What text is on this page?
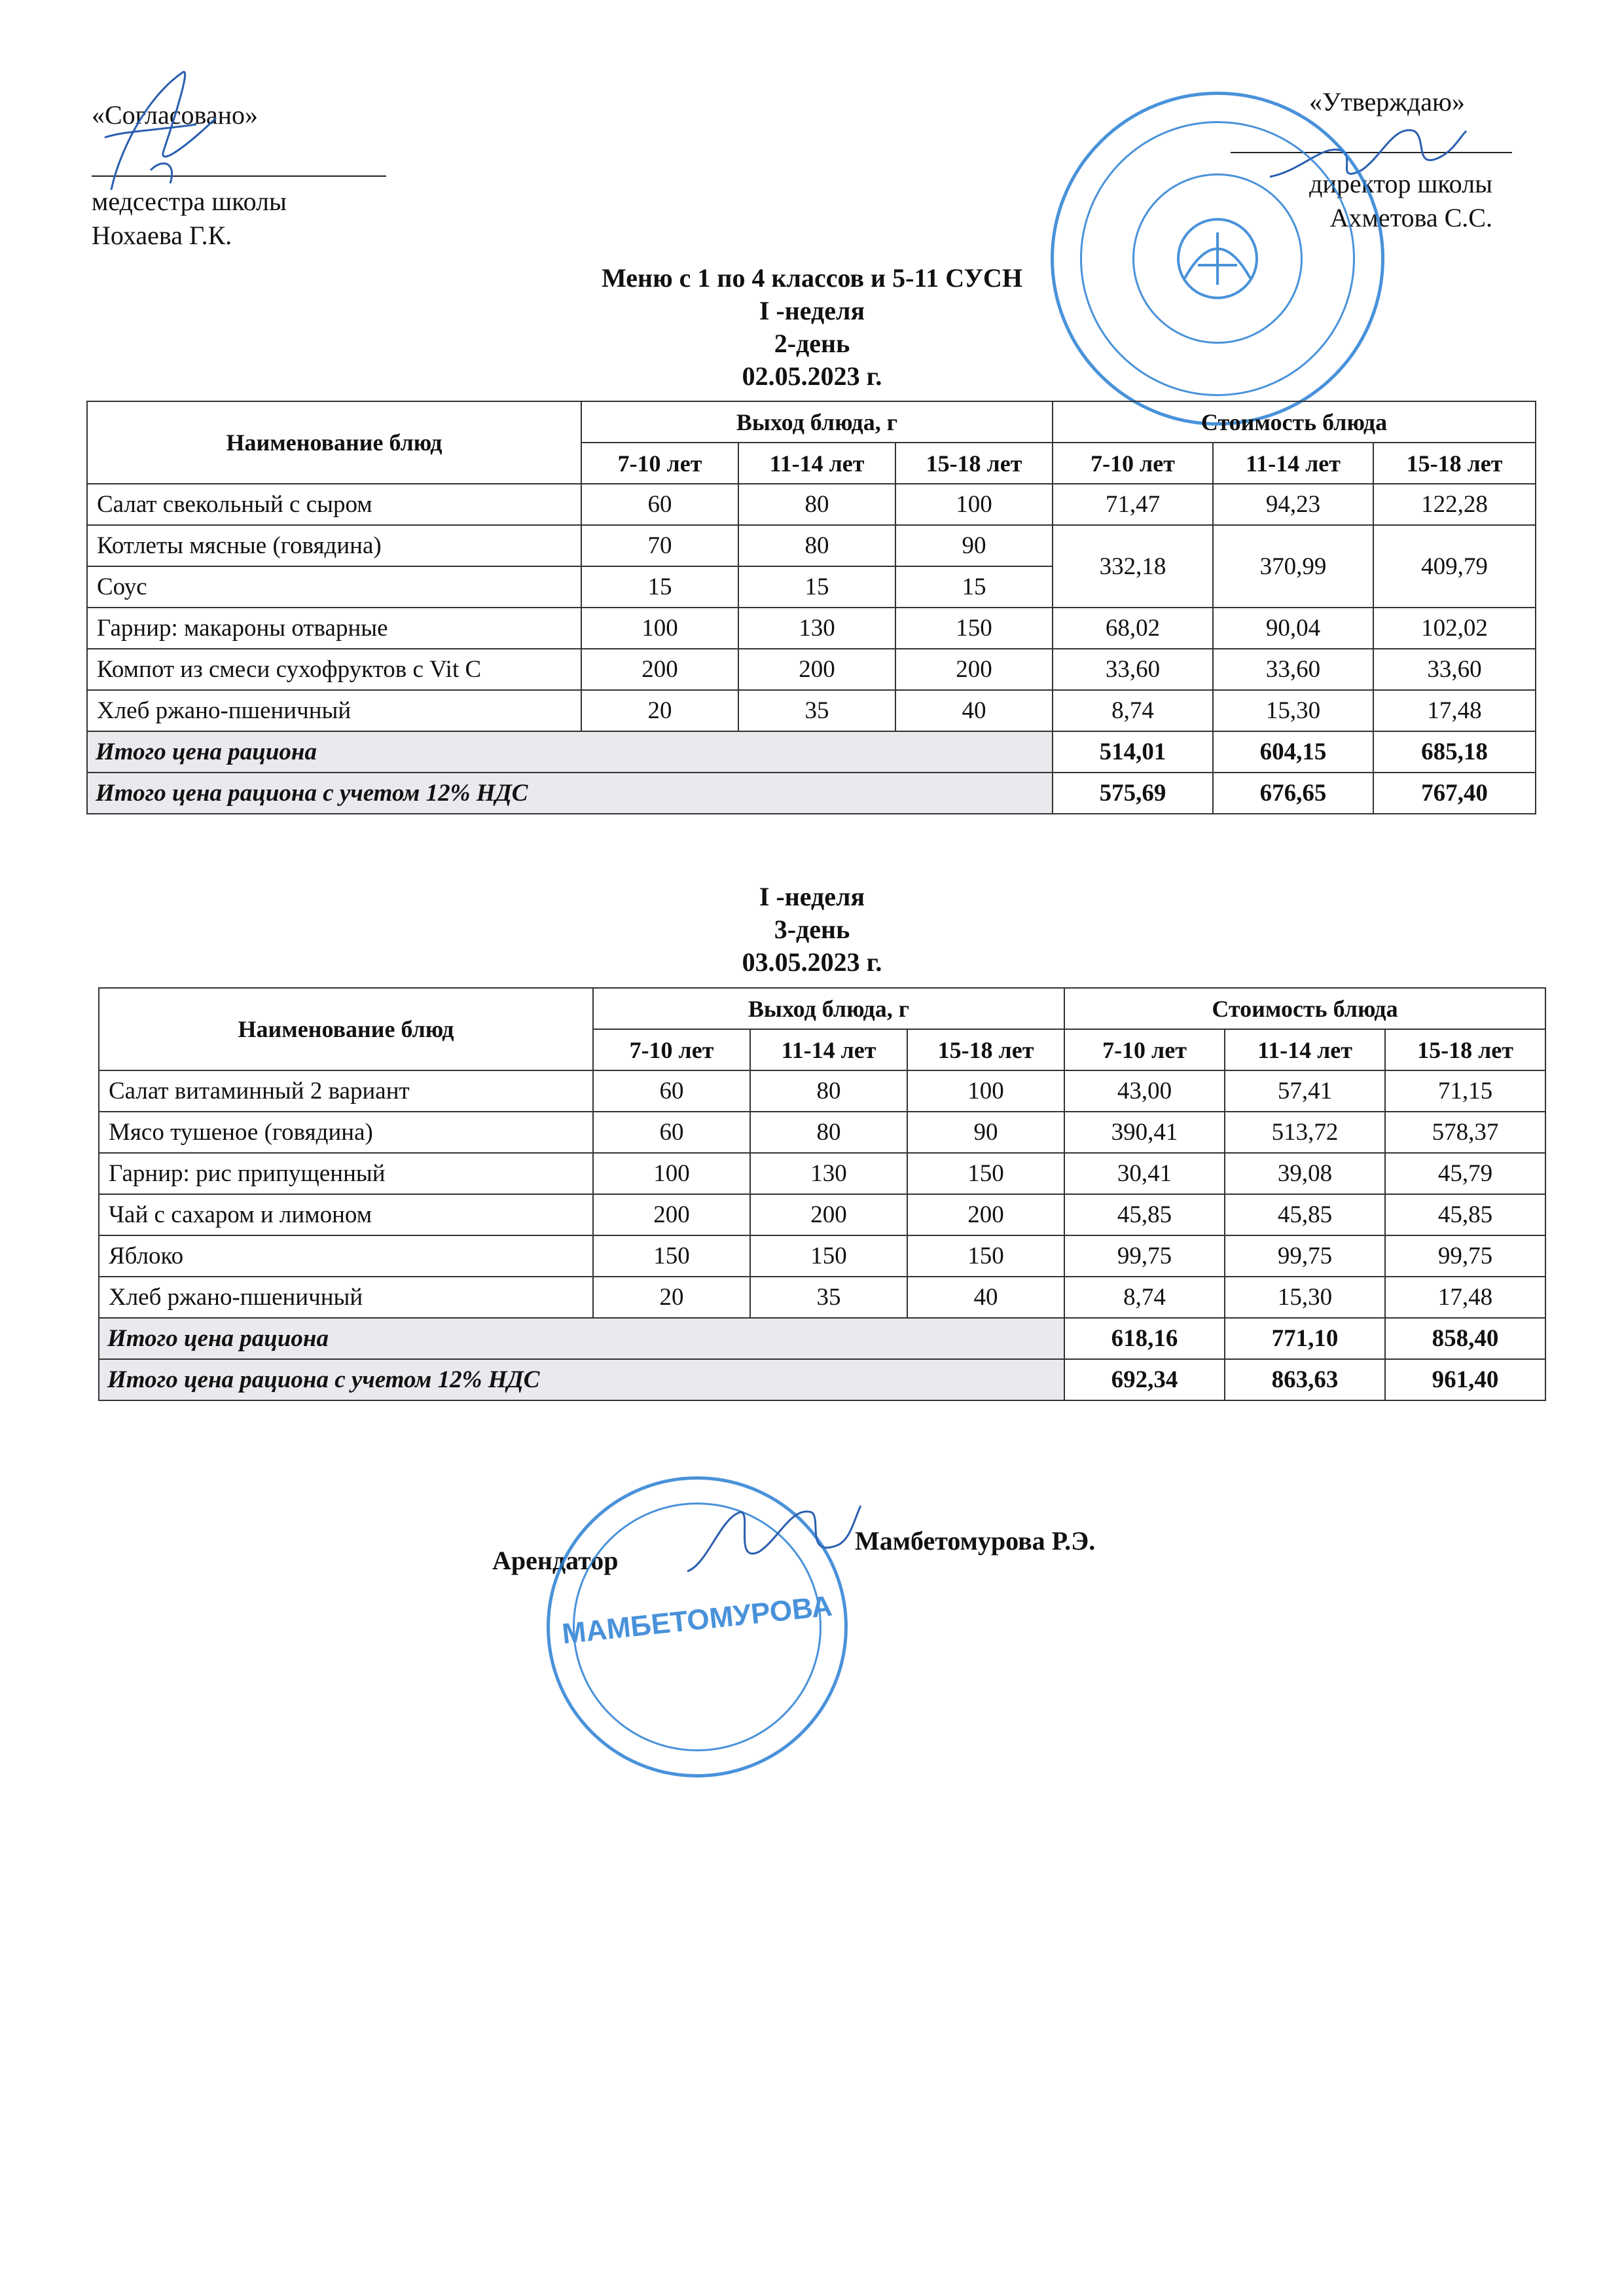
«Согласовано»
медсестра школы
Нохаева Г.К.
«Утверждаю»
директор школы
Ахметова С.С.
Меню с 1 по 4 классов и 5-11 СУСН
I -неделя
2-день
02.05.2023 г.
Наименование блюд	Выход блюда, г			Стоимость блюда		
	7-10 лет	11-14 лет	15-18 лет	7-10 лет	11-14 лет	15-18 лет
Салат свекольный с сыром	60	80	100	71,47	94,23	122,28
Котлеты мясные (говядина)	70	80	90	332,18	370,99	409,79
Соус	15	15	15			
Гарнир: макароны отварные	100	130	150	68,02	90,04	102,02
Компот из смеси сухофруктов с Vit C	200	200	200	33,60	33,60	33,60
Хлеб ржано-пшеничный	20	35	40	8,74	15,30	17,48
Итого цена рациона				514,01	604,15	685,18
Итого цена рациона с учетом 12% НДС				575,69	676,65	767,40
I -неделя
3-день
03.05.2023 г.
Наименование блюд	Выход блюда, г			Стоимость блюда		
	7-10 лет	11-14 лет	15-18 лет	7-10 лет	11-14 лет	15-18 лет
Салат витаминный 2 вариант	60	80	100	43,00	57,41	71,15
Мясо тушеное (говядина)	60	80	90	390,41	513,72	578,37
Гарнир: рис припущенный	100	130	150	30,41	39,08	45,79
Чай с сахаром и лимоном	200	200	200	45,85	45,85	45,85
Яблоко	150	150	150	99,75	99,75	99,75
Хлеб ржано-пшеничный	20	35	40	8,74	15,30	17,48
Итого цена рациона				618,16	771,10	858,40
Итого цена рациона с учетом 12% НДС				692,34	863,63	961,40
Арендатор
Мамбетомурова Р.Э.
МАМБЕТОМУРОВА
